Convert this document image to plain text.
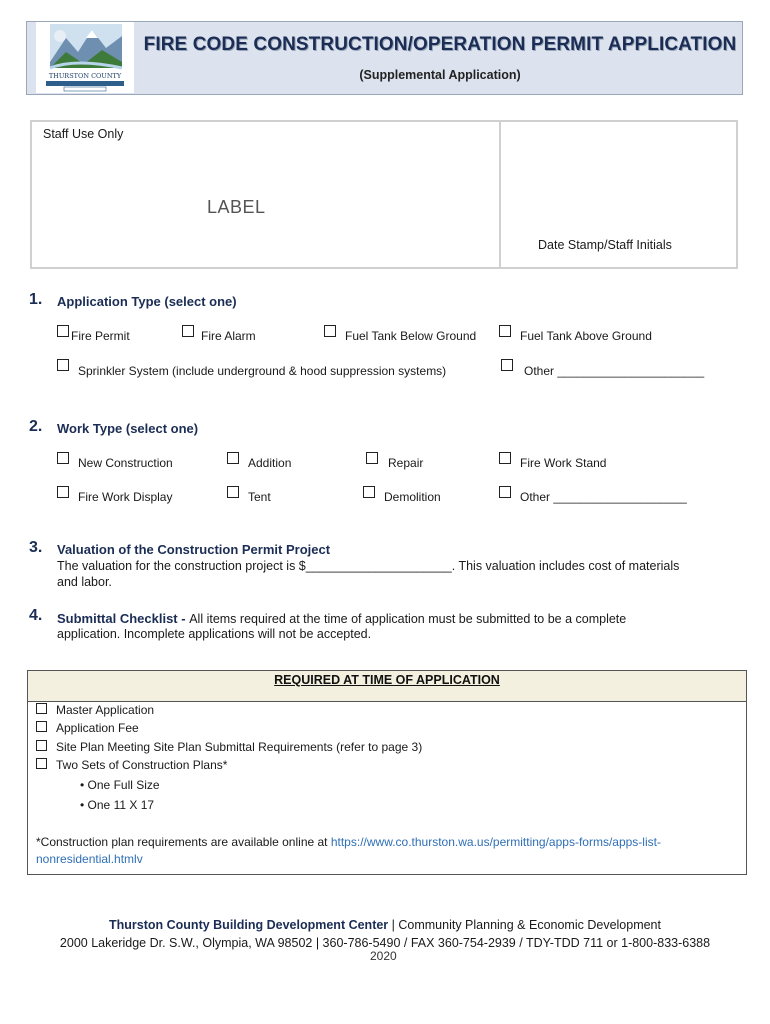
THURSTON COUNTY
FIRE CODE CONSTRUCTION/OPERATION PERMIT APPLICATION
(Supplemental Application)
Staff Use Only
LABEL
Date Stamp/Staff Initials
1. Application Type (select one)
Fire Permit	Fire Alarm	Fuel Tank Below Ground	Fuel Tank Above Ground
Sprinkler System (include underground & hood suppression systems)	Other ______________________
2. Work Type (select one)
New Construction	Addition	Repair	Fire Work Stand
Fire Work Display	Tent	Demolition	Other ____________________
3. Valuation of the Construction Permit Project
The valuation for the construction project is $_____________________. This valuation includes cost of materials
and labor.
4. Submittal Checklist - All items required at the time of application must be submitted to be a complete
application. Incomplete applications will not be accepted.
REQUIRED AT TIME OF APPLICATION
Master Application
Application Fee
Site Plan Meeting Site Plan Submittal Requirements (refer to page 3)
Two Sets of Construction Plans*
• One Full Size
• One 11 X 17
*Construction plan requirements are available online at https://www.co.thurston.wa.us/permitting/apps-forms/apps-list-
nonresidential.htmlv
Thurston County Building Development Center | Community Planning & Economic Development
2000 Lakeridge Dr. S.W., Olympia, WA 98502 | 360-786-5490 / FAX 360-754-2939 / TDY-TDD 711 or 1-800-833-6388
2020
